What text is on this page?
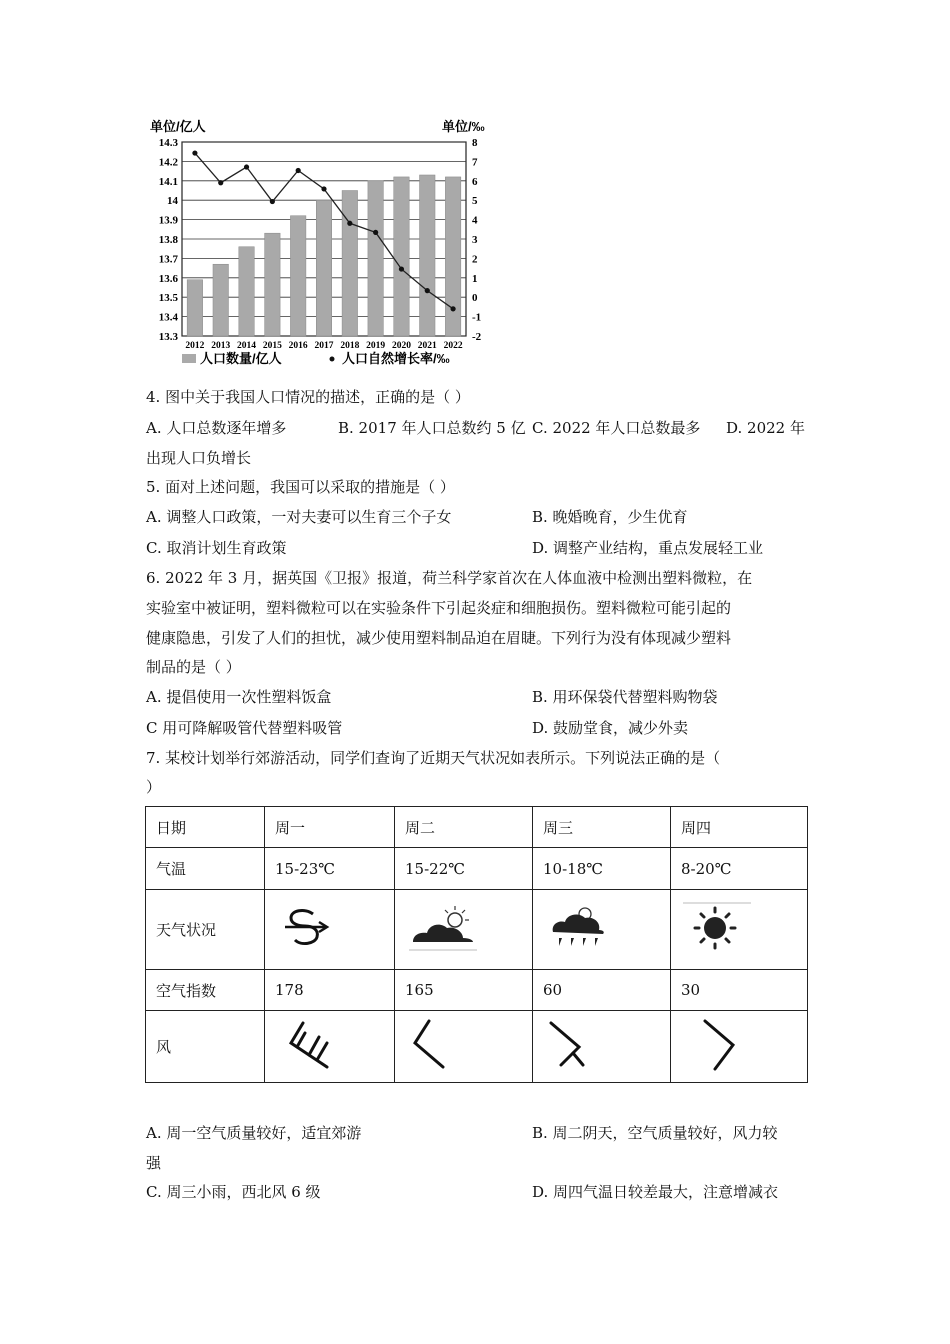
13.3
13.4
13.5
13.6
13.7
13.8
13.9
14
14.1
14.2
14.3
-2
-1
0
1
2
3
4
5
6
7
8
2012 2013 2014 2015 2016 2017 2018 2019 2020 2021 2022
单位/亿人	单位/‰
人口数量/亿人	人口自然增长率/‰
4. 图中关于我国人口情况的描述，正确的是（ ）
A. 人口总数逐年增多	B. 2017 年人口总数约 5 亿 C. 2022 年人口总数最多 D. 2022 年
出现人口负增长
5. 面对上述问题，我国可以采取的措施是（ ）
A. 调整人口政策，一对夫妻可以生育三个子女	B. 晚婚晚育，少生优育
C. 取消计划生育政策	D. 调整产业结构，重点发展轻工业
6. 2022 年 3 月，据英国《卫报》报道，荷兰科学家首次在人体血液中检测出塑料微粒，在
实验室中被证明，塑料微粒可以在实验条件下引起炎症和细胞损伤。塑料微粒可能引起的
健康隐患，引发了人们的担忧，减少使用塑料制品迫在眉睫。下列行为没有体现减少塑料
制品的是（ ）
A. 提倡使用一次性塑料饭盒	B. 用环保袋代替塑料购物袋
C 用可降解吸管代替塑料吸管	D. 鼓励堂食，减少外卖
7. 某校计划举行郊游活动，同学们查询了近期天气状况如表所示。下列说法正确的是（
）
日期	周一	周二	周三	周四
气温	15-23℃	15-22℃	10-18℃	8-20℃
天气状况				
空气指数	178	165	60	30
风				
A. 周一空气质量较好，适宜郊游	B. 周二阴天，空气质量较好，风力较
强
C. 周三小雨，西北风 6 级	D. 周四气温日较差最大，注意增减衣
